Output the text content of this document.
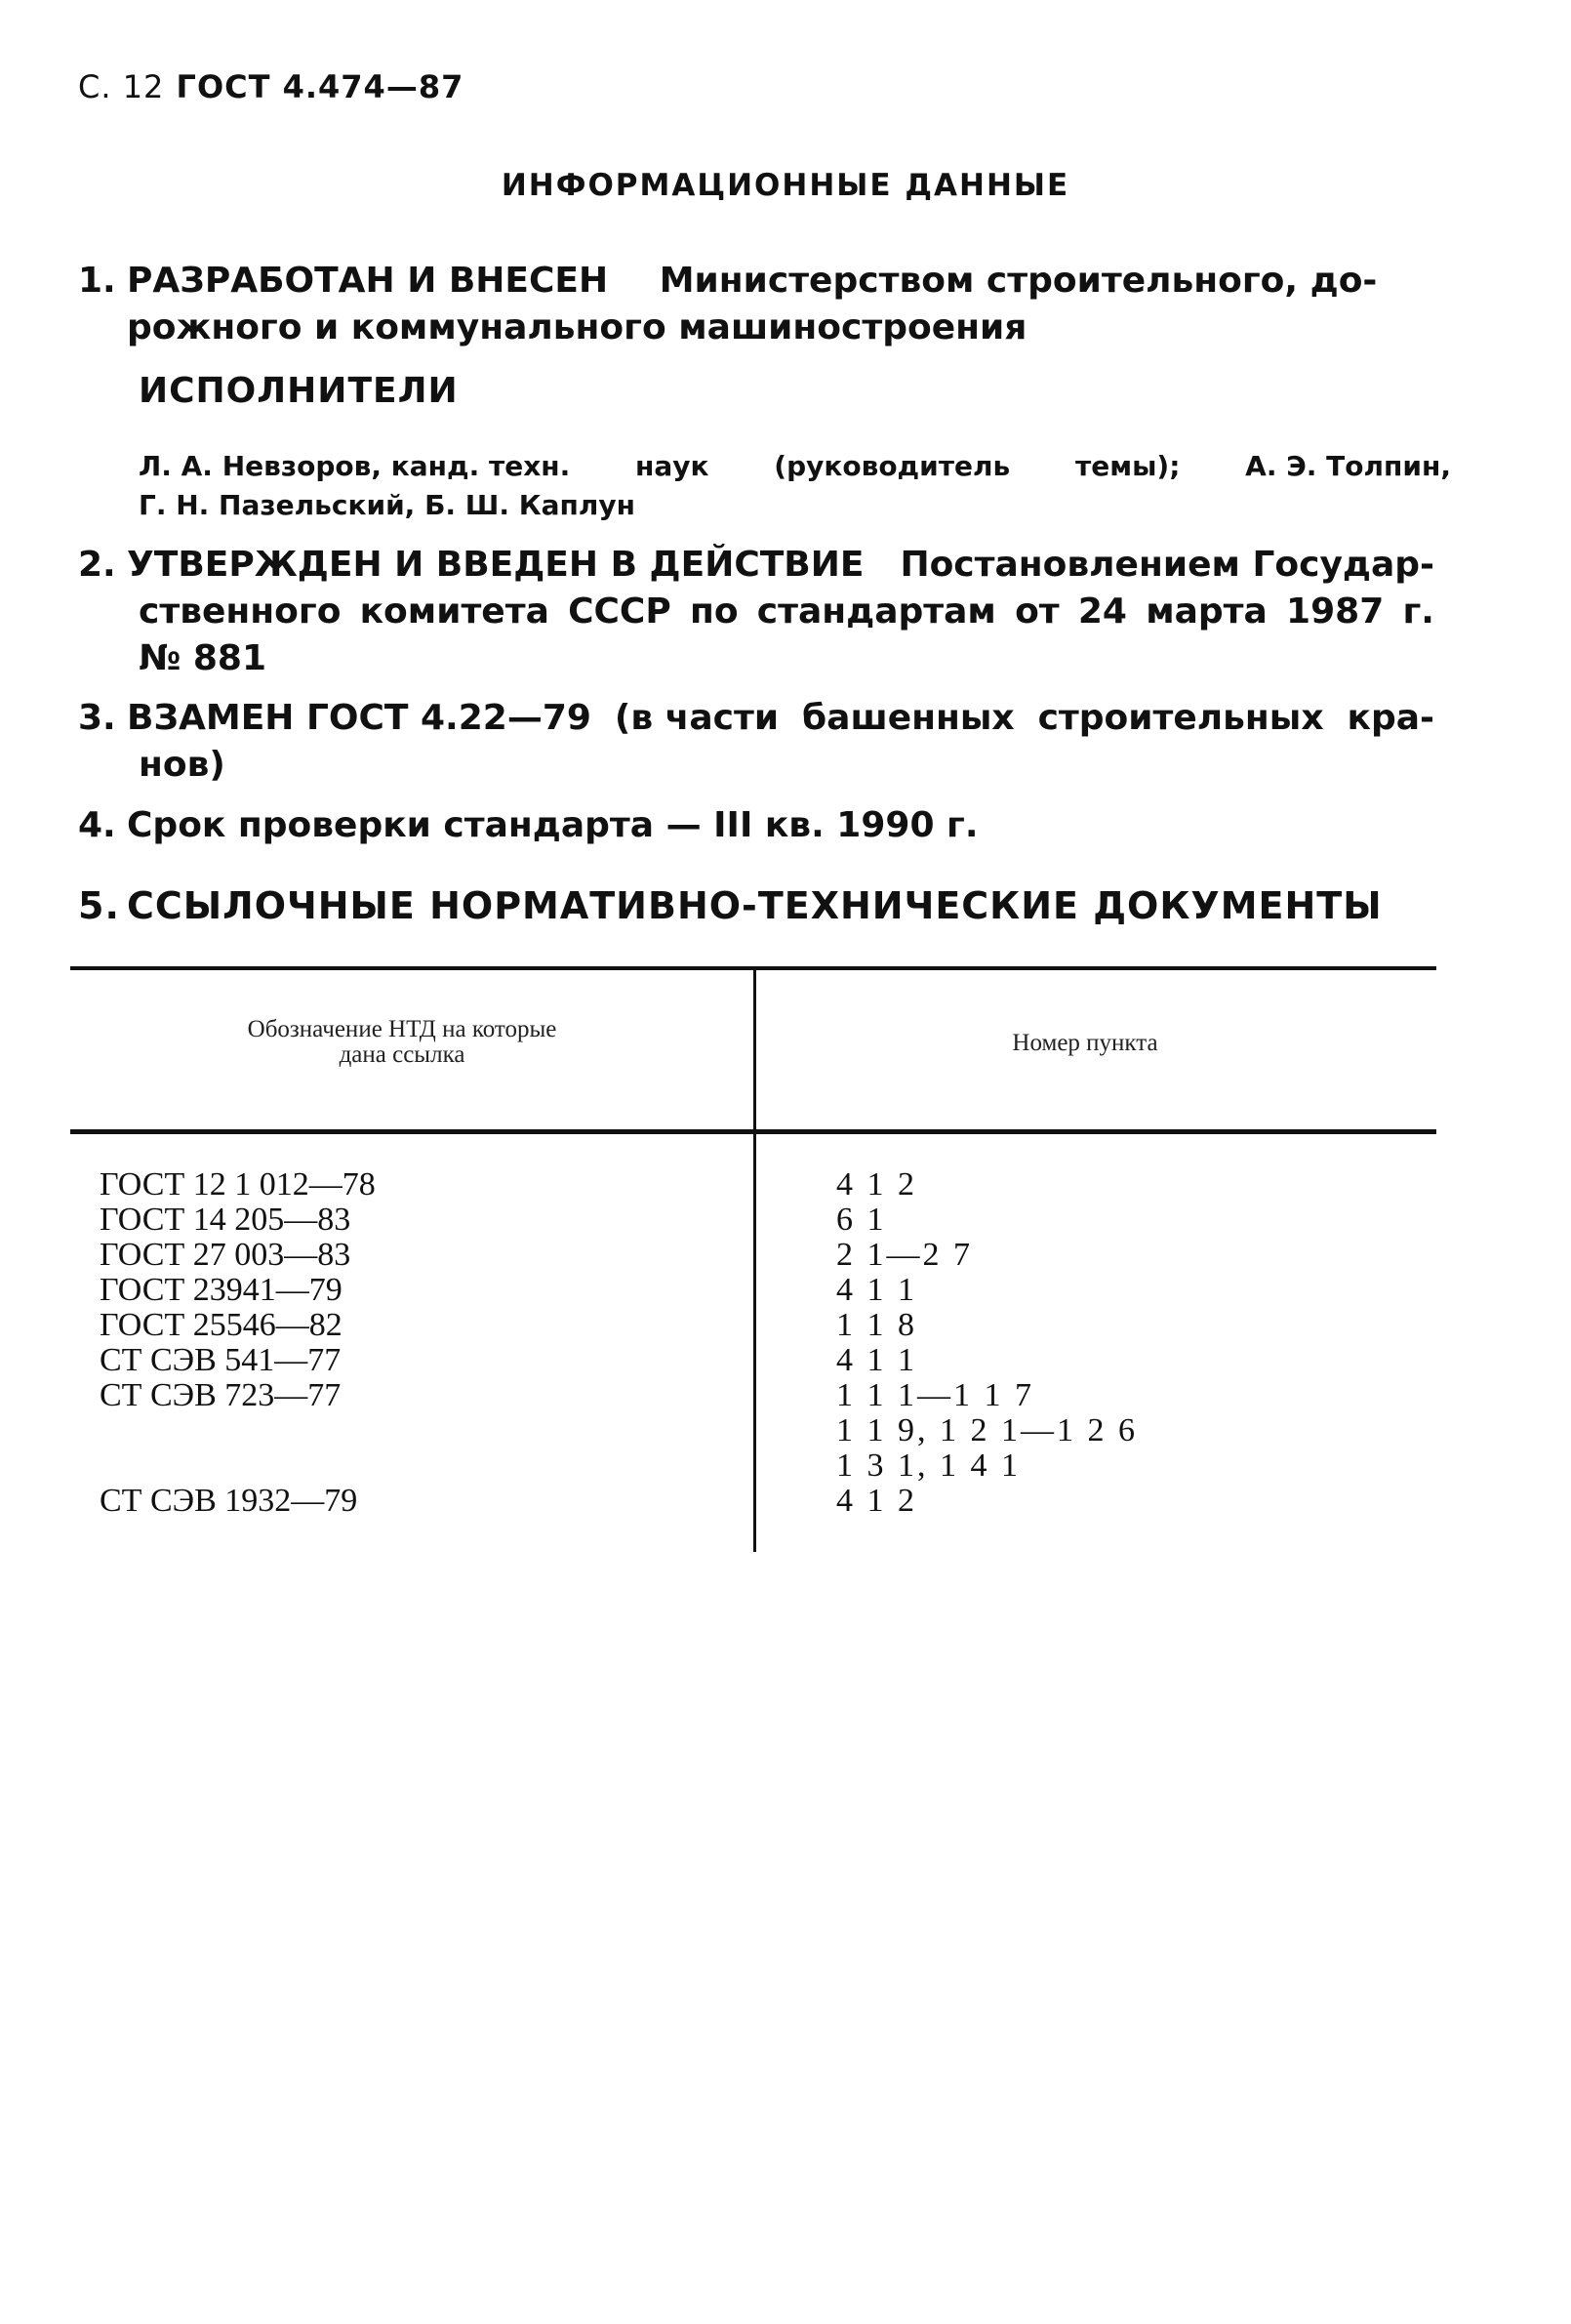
С. 12 ГОСТ 4.474—87
ИНФОРМАЦИОННЫЕ ДАННЫЕ
1. РАЗРАБОТАН И ВНЕСЕН Министерством строительного, до-
рожного и коммунального машиностроения
ИСПОЛНИТЕЛИ
Л. А. Невзоров, канд. техн. наук (руководитель темы); А. Э. Толпин,
Г. Н. Пазельский, Б. Ш. Каплун
2. УТВЕРЖДЕН И ВВЕДЕН В ДЕЙСТВИЕ Постановлением Государ-
ственного комитета СССР по стандартам от 24 марта 1987 г.
№ 881
3. ВЗАМЕН ГОСТ 4.22—79 (в части башенных строительных кра-
нов)
4. Срок проверки стандарта — III кв. 1990 г.
5. ССЫЛОЧНЫЕ НОРМАТИВНО-ТЕХНИЧЕСКИЕ ДОКУМЕНТЫ
Обозначение НТД на которые
дана ссылка	Номер пункта
ГОСТ 12 1 012—78
ГОСТ 14 205—83
ГОСТ 27 003—83
ГОСТ 23941—79
ГОСТ 25546—82
СТ СЭВ 541—77
СТ СЭВ 723—77
СТ СЭВ 1932—79
4 1 2
6 1
2 1—2 7
4 1 1
1 1 8
4 1 1
1 1 1—1 1 7
1 1 9, 1 2 1—1 2 6
1 3 1, 1 4 1
4 1 2
